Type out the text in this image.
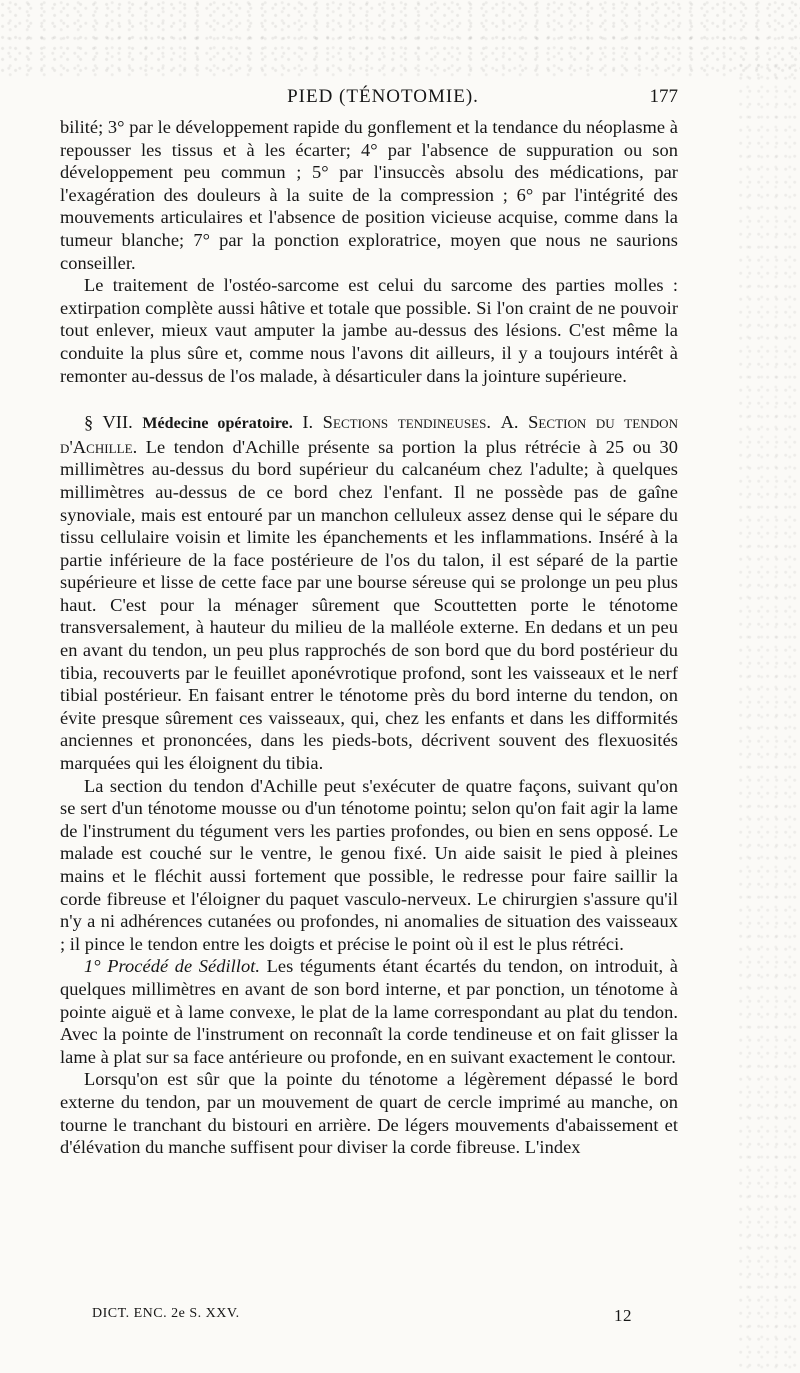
PIED (TÉNOTOMIE).	177

bilité; 3° par le développement rapide du gonflement et la tendance du néoplasme à repousser les tissus et à les écarter; 4° par l'absence de suppuration ou son développement peu commun ; 5° par l'insuccès absolu des médications, par l'exagération des douleurs à la suite de la compression ; 6° par l'intégrité des mouvements articulaires et l'absence de position vicieuse acquise, comme dans la tumeur blanche; 7° par la ponction exploratrice, moyen que nous ne saurions conseiller.

Le traitement de l'ostéo-sarcome est celui du sarcome des parties molles : extirpation complète aussi hâtive et totale que possible. Si l'on craint de ne pouvoir tout enlever, mieux vaut amputer la jambe au-dessus des lésions. C'est même la conduite la plus sûre et, comme nous l'avons dit ailleurs, il y a toujours intérêt à remonter au-dessus de l'os malade, à désarticuler dans la jointure supérieure.

§ VII. Médecine opératoire. I. Sections tendineuses. A. Section du tendon d'Achille. Le tendon d'Achille présente sa portion la plus rétrécie à 25 ou 30 millimètres au-dessus du bord supérieur du calcanéum chez l'adulte; à quelques millimètres au-dessus de ce bord chez l'enfant. Il ne possède pas de gaîne synoviale, mais est entouré par un manchon celluleux assez dense qui le sépare du tissu cellulaire voisin et limite les épanchements et les inflammations. Inséré à la partie inférieure de la face postérieure de l'os du talon, il est séparé de la partie supérieure et lisse de cette face par une bourse séreuse qui se prolonge un peu plus haut. C'est pour la ménager sûrement que Scouttetten porte le ténotome transversalement, à hauteur du milieu de la malléole externe. En dedans et un peu en avant du tendon, un peu plus rapprochés de son bord que du bord postérieur du tibia, recouverts par le feuillet aponévrotique profond, sont les vaisseaux et le nerf tibial postérieur. En faisant entrer le ténotome près du bord interne du tendon, on évite presque sûrement ces vaisseaux, qui, chez les enfants et dans les difformités anciennes et prononcées, dans les pieds-bots, décrivent souvent des flexuosités marquées qui les éloignent du tibia.

La section du tendon d'Achille peut s'exécuter de quatre façons, suivant qu'on se sert d'un ténotome mousse ou d'un ténotome pointu; selon qu'on fait agir la lame de l'instrument du tégument vers les parties profondes, ou bien en sens opposé. Le malade est couché sur le ventre, le genou fixé. Un aide saisit le pied à pleines mains et le fléchit aussi fortement que possible, le redresse pour faire saillir la corde fibreuse et l'éloigner du paquet vasculo-nerveux. Le chirurgien s'assure qu'il n'y a ni adhérences cutanées ou profondes, ni anomalies de situation des vaisseaux ; il pince le tendon entre les doigts et précise le point où il est le plus rétréci.

1° Procédé de Sédillot. Les téguments étant écartés du tendon, on introduit, à quelques millimètres en avant de son bord interne, et par ponction, un ténotome à pointe aiguë et à lame convexe, le plat de la lame correspondant au plat du tendon. Avec la pointe de l'instrument on reconnaît la corde tendineuse et on fait glisser la lame à plat sur sa face antérieure ou profonde, en en suivant exactement le contour.

Lorsqu'on est sûr que la pointe du ténotome a légèrement dépassé le bord externe du tendon, par un mouvement de quart de cercle imprimé au manche, on tourne le tranchant du bistouri en arrière. De légers mouvements d'abaissement et d'élévation du manche suffisent pour diviser la corde fibreuse. L'index

DICT. ENC. 2e S. XXV.	12
